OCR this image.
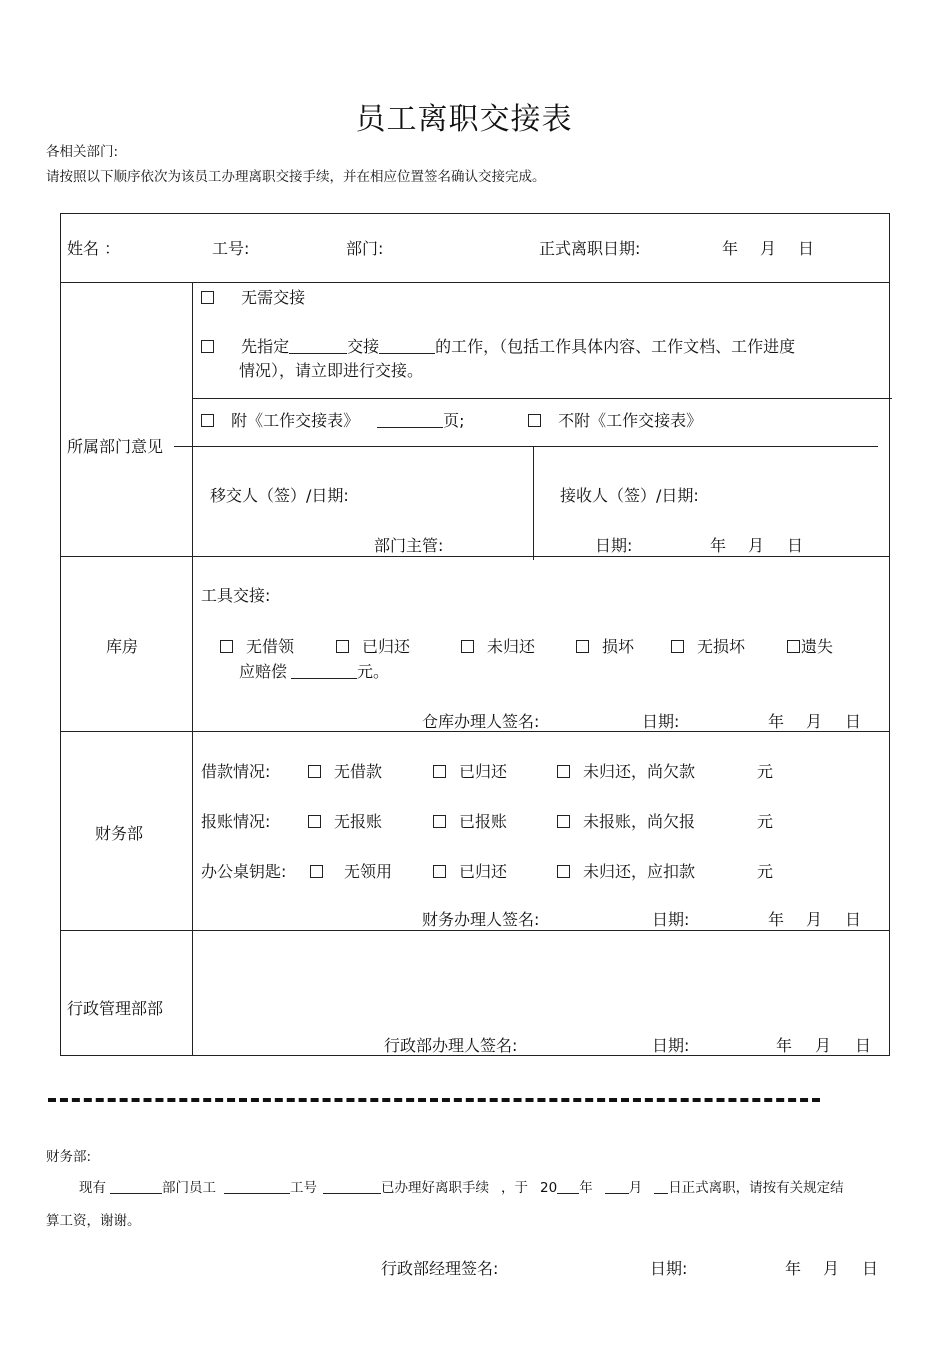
员工离职交接表
各相关部门:
请按照以下顺序依次为该员工办理离职交接手续，并在相应位置签名确认交接完成。
姓名 ：	工号:	部门:	正式离职日期:	年 月 日
所属部门意见
无需交接
先指定	交接	的工作，（包括工作具体内容、工作文档、工作进度
情况），请立即进行交接。
附《工作交接表》	页;	不附《工作交接表》
移交人（签）/日期:	接收人（签）/日期:
部门主管:	日期:	年 月 日
库房
工具交接:
无借领	已归还	未归还	损坏	无损坏	遗失
应赔偿	元。
仓库办理人签名:	日期:	年 月 日
财务部
借款情况:	无借款	已归还	未归还，尚欠款	元
报账情况:	无报账	已报账	未报账，尚欠报	元
办公桌钥匙:	无领用	已归还	未归还，应扣款	元
财务办理人签名:	日期:	年 月 日
行政管理部部
行政部办理人签名:	日期:	年 月 日
财务部:
现有	部门员工	工号	已办理好离职手续 ，于 20 年	月 日正式离职，请按有关规定结
算工资，谢谢。
行政部经理签名:	日期:	年 月 日
